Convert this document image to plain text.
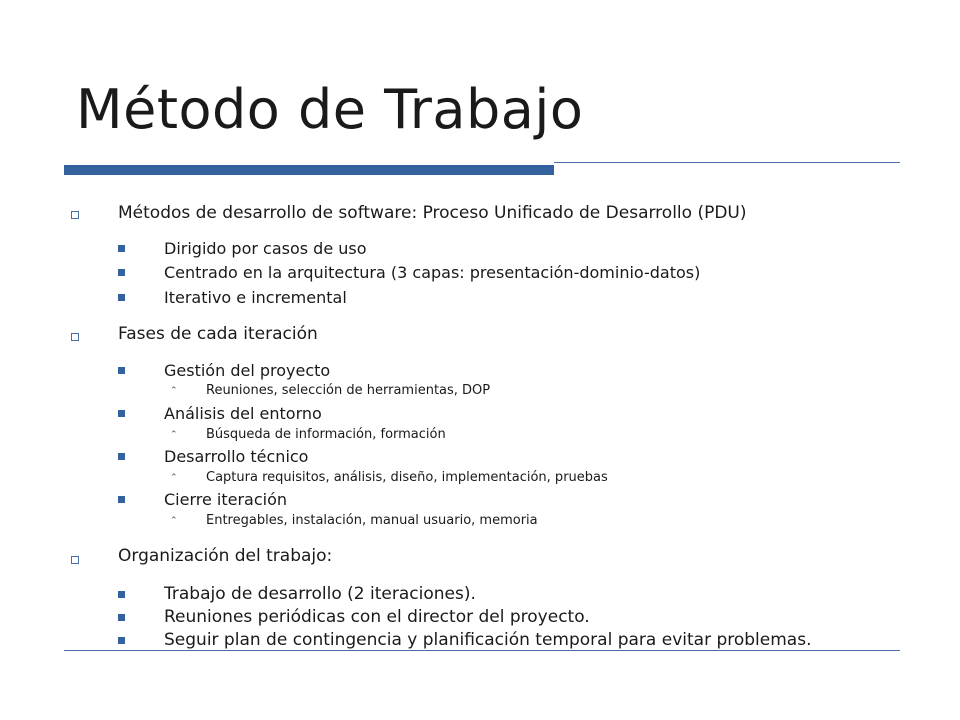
Método de Trabajo
Métodos de desarrollo de software: Proceso Unificado de Desarrollo (PDU)
Dirigido por casos de uso
Centrado en la arquitectura (3 capas: presentación-dominio-datos)
Iterativo e incremental
Fases de cada iteración
Gestión del proyecto
⌃ Reuniones, selección de herramientas, DOP
Análisis del entorno
⌃ Búsqueda de información, formación
Desarrollo técnico
⌃ Captura requisitos, análisis, diseño, implementación, pruebas
Cierre iteración
⌃ Entregables, instalación, manual usuario, memoria
Organización del trabajo:
Trabajo de desarrollo (2 iteraciones).
Reuniones periódicas con el director del proyecto.
Seguir plan de contingencia y planificación temporal para evitar problemas.
